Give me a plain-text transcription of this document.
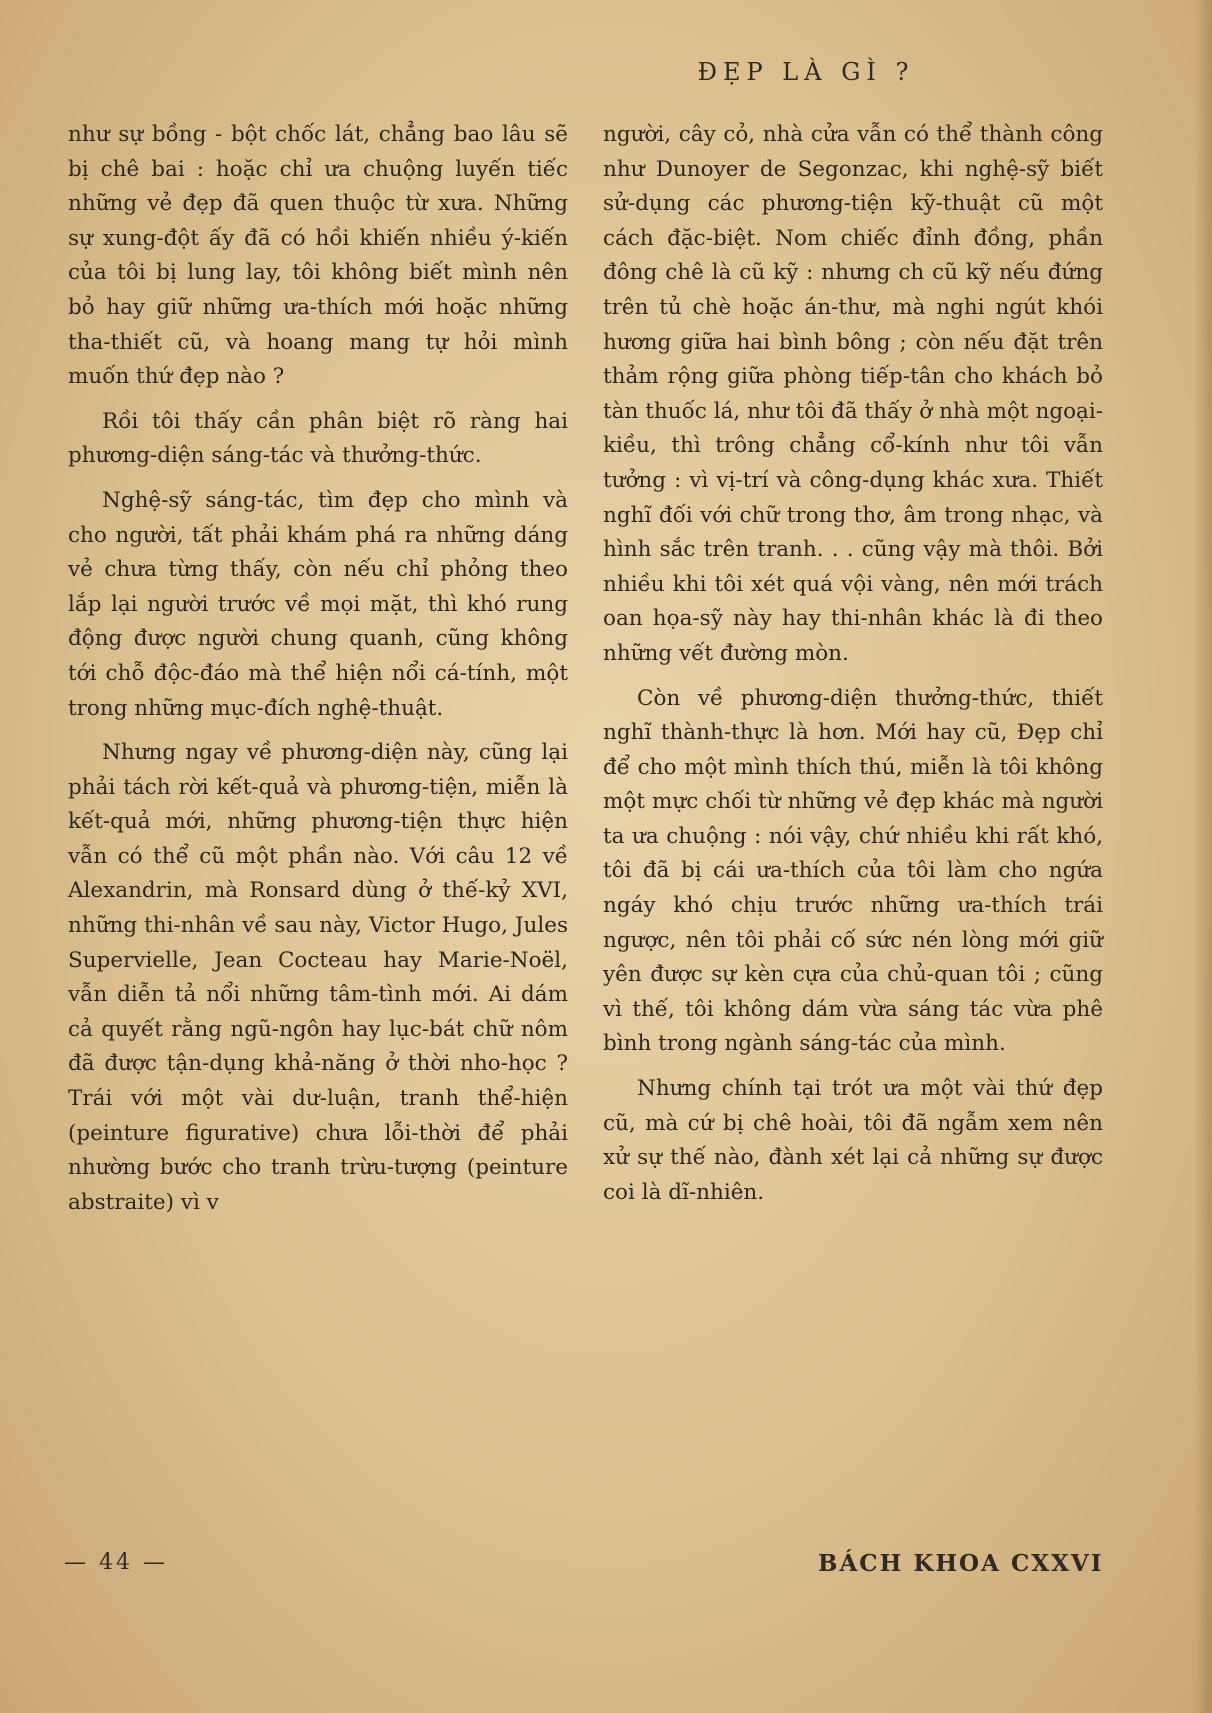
ĐẸP LÀ GÌ ?

như sự bồng - bột chốc lát, chẳng bao lâu sẽ bị chê bai : hoặc chỉ ưa chuộng luyến tiếc những vẻ đẹp đã quen thuộc từ xưa. Những sự xung-đột ấy đã có hồi khiến nhiều ý-kiến của tôi bị lung lay, tôi không biết mình nên bỏ hay giữ những ưa-thích mới hoặc những tha-thiết cũ, và hoang mang tự hỏi mình muốn thứ đẹp nào ?

Rồi tôi thấy cần phân biệt rõ ràng hai phương-diện sáng-tác và thưởng-thức.

Nghệ-sỹ sáng-tác, tìm đẹp cho mình và cho người, tất phải khám phá ra những dáng vẻ chưa từng thấy, còn nếu chỉ phỏng theo lắp lại người trước về mọi mặt, thì khó rung động được người chung quanh, cũng không tới chỗ độc-đáo mà thể hiện nổi cá-tính, một trong những mục-đích nghệ-thuật.

Nhưng ngay về phương-diện này, cũng lại phải tách rời kết-quả và phương-tiện, miễn là kết-quả mới, những phương-tiện thực hiện vẫn có thể cũ một phần nào. Với câu 12 về Alexandrin, mà Ronsard dùng ở thế-kỷ XVI, những thi-nhân về sau này, Victor Hugo, Jules Supervielle, Jean Cocteau hay Marie-Noël, vẫn diễn tả nổi những tâm-tình mới. Ai dám cả quyết rằng ngũ-ngôn hay lục-bát chữ nôm đã được tận-dụng khả-năng ở thời nho-học ? Trái với một vài dư-luận, tranh thể-hiện (peinture figurative) chưa lỗi-thời để phải nhường bước cho tranh trừu-tượng (peinture abstraite) vì v

người, cây cỏ, nhà cửa vẫn có thể thành công như Dunoyer de Segonzac, khi nghệ-sỹ biết sử-dụng các phương-tiện kỹ-thuật cũ một cách đặc-biệt. Nom chiếc đỉnh đồng, phần đông chê là cũ kỹ : nhưng ch cũ kỹ nếu đứng trên tủ chè hoặc án-thư, mà nghi ngút khói hương giữa hai bình bông ; còn nếu đặt trên thảm rộng giữa phòng tiếp-tân cho khách bỏ tàn thuốc lá, như tôi đã thấy ở nhà một ngoại-kiều, thì trông chẳng cổ-kính như tôi vẫn tưởng : vì vị-trí và công-dụng khác xưa. Thiết nghĩ đối với chữ trong thơ, âm trong nhạc, và hình sắc trên tranh. . . cũng vậy mà thôi. Bởi nhiều khi tôi xét quá vội vàng, nên mới trách oan họa-sỹ này hay thi-nhân khác là đi theo những vết đường mòn.

Còn về phương-diện thưởng-thức, thiết nghĩ thành-thực là hơn. Mới hay cũ, Đẹp chỉ để cho một mình thích thú, miễn là tôi không một mực chối từ những vẻ đẹp khác mà người ta ưa chuộng : nói vậy, chứ nhiều khi rất khó, tôi đã bị cái ưa-thích của tôi làm cho ngứa ngáy khó chịu trước những ưa-thích trái ngược, nên tôi phải cố sức nén lòng mới giữ yên được sự kèn cựa của chủ-quan tôi ; cũng vì thế, tôi không dám vừa sáng tác vừa phê bình trong ngành sáng-tác của mình.

Nhưng chính tại trót ưa một vài thứ đẹp cũ, mà cứ bị chê hoài, tôi đã ngẫm xem nên xử sự thế nào, đành xét lại cả những sự được coi là dĩ-nhiên.

— 44 —	BÁCH KHOA CXXVI
